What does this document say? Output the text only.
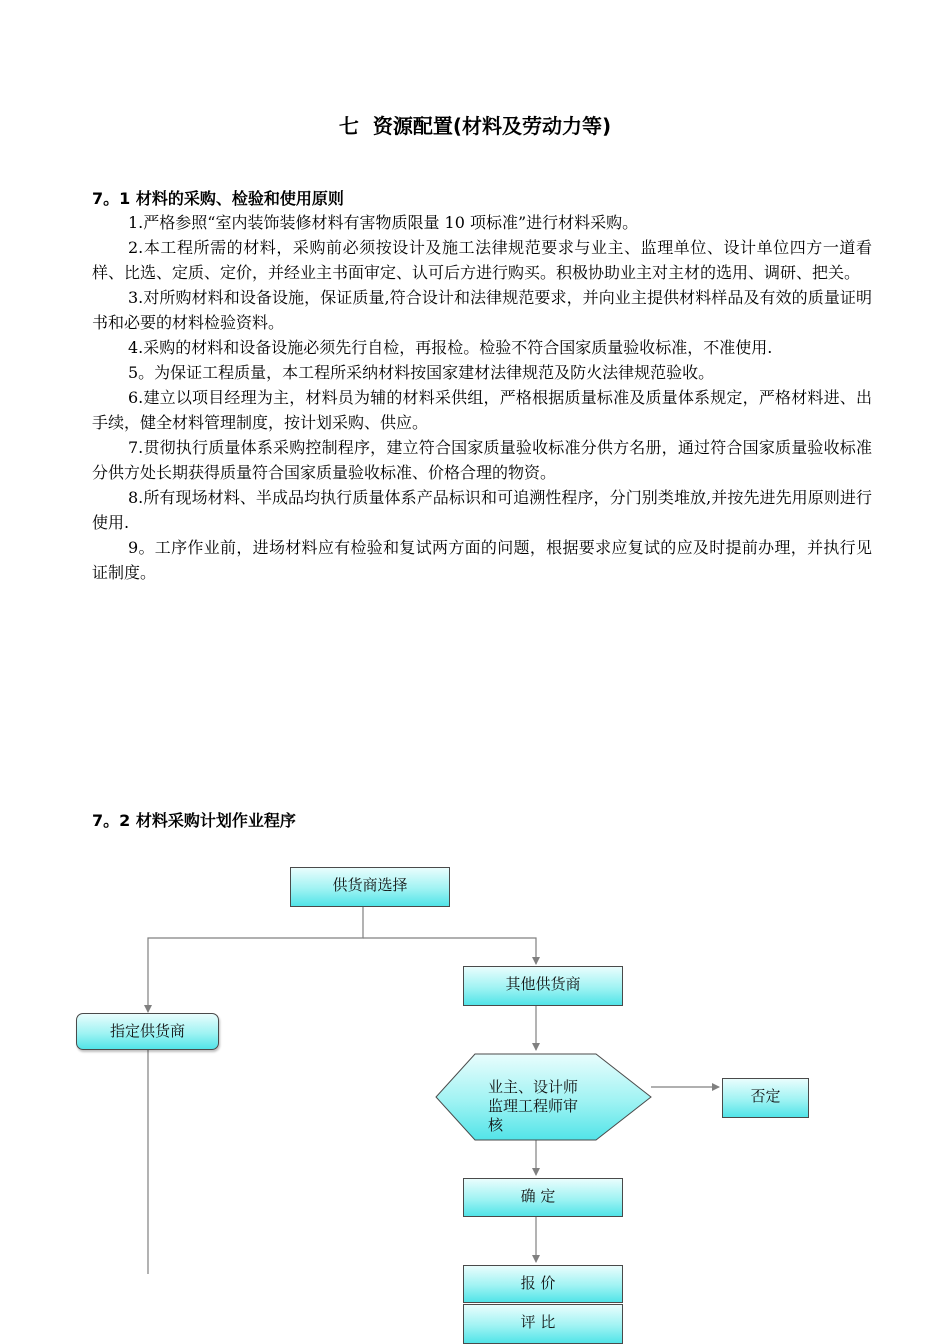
七  资源配置(材料及劳动力等)
7。1 材料的采购、检验和使用原则

1.严格参照“室内装饰装修材料有害物质限量 10 项标准”进行材料采购。

2.本工程所需的材料，采购前必须按设计及施工法律规范要求与业主、监理单位、设计单位四方一道看样、比选、定质、定价，并经业主书面审定、认可后方进行购买。积极协助业主对主材的选用、调研、把关。

3.对所购材料和设备设施，保证质量,符合设计和法律规范要求，并向业主提供材料样品及有效的质量证明书和必要的材料检验资料。

4.采购的材料和设备设施必须先行自检，再报检。检验不符合国家质量验收标准，不准使用.

5。为保证工程质量，本工程所采纳材料按国家建材法律规范及防火法律规范验收。

6.建立以项目经理为主，材料员为辅的材料采供组，严格根据质量标准及质量体系规定，严格材料进、出手续，健全材料管理制度，按计划采购、供应。

7.贯彻执行质量体系采购控制程序，建立符合国家质量验收标准分供方名册，通过符合国家质量验收标准分供方处长期获得质量符合国家质量验收标准、价格合理的物资。

8.所有现场材料、半成品均执行质量体系产品标识和可追溯性程序，分门别类堆放,并按先进先用原则进行使用.

9。工序作业前，进场材料应有检验和复试两方面的问题，根据要求应复试的应及时提前办理，并执行见证制度。

7。2 材料采购计划作业程序
供货商选择
其他供货商
指定供货商
业主、设计师
监理工程师审
核
否定
确 定
报 价
评 比
